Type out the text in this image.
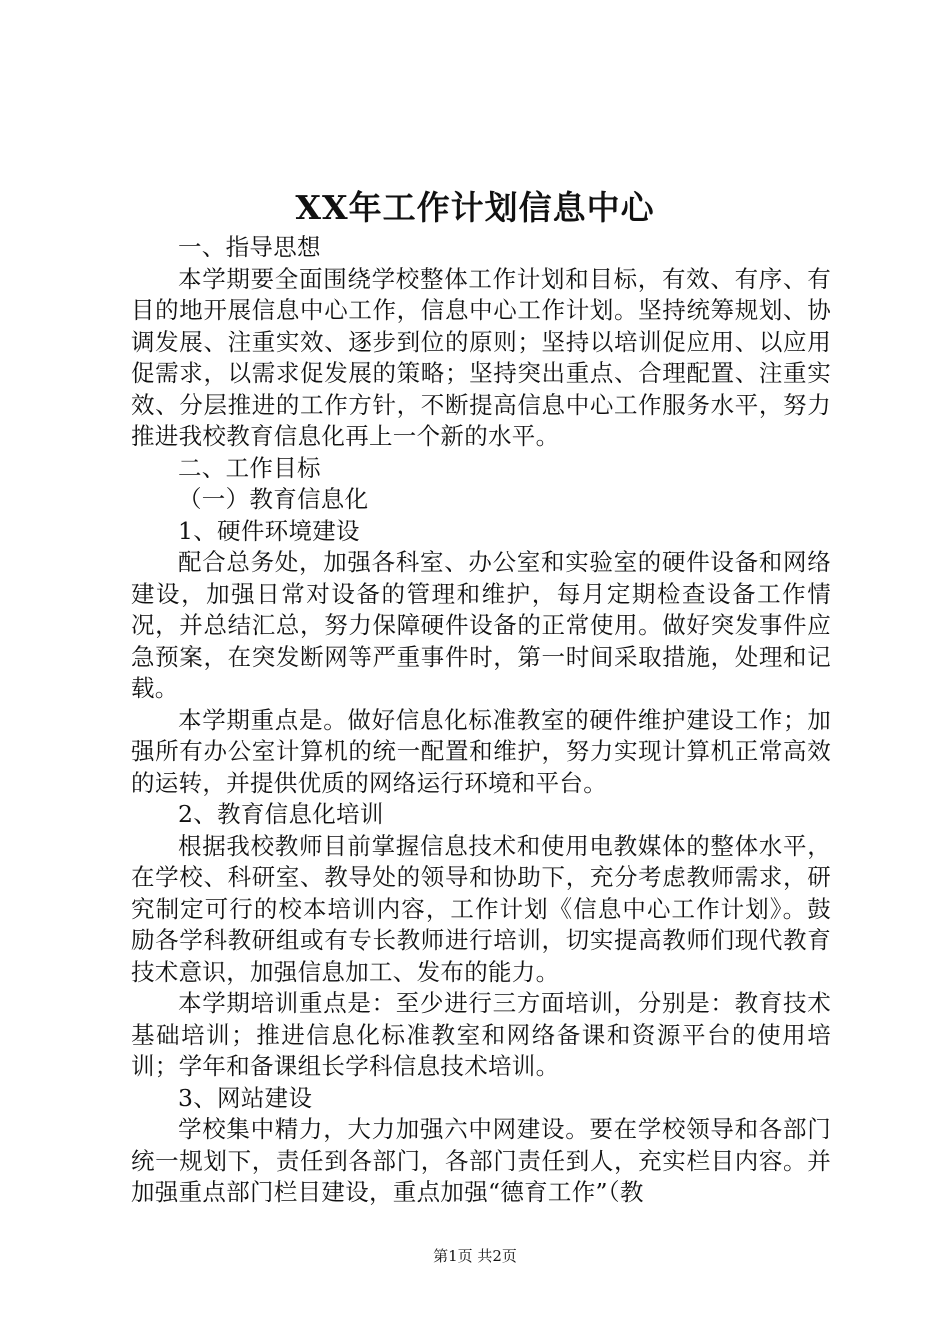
XX年工作计划信息中心

一、指导思想

本学期要全面围绕学校整体工作计划和目标，有效、有序、有目的地开展信息中心工作，信息中心工作计划。坚持统筹规划、协调发展、注重实效、逐步到位的原则；坚持以培训促应用、以应用促需求，以需求促发展的策略；坚持突出重点、合理配置、注重实效、分层推进的工作方针，不断提高信息中心工作服务水平，努力推进我校教育信息化再上一个新的水平。

二、工作目标

（一）教育信息化

1、硬件环境建设

配合总务处，加强各科室、办公室和实验室的硬件设备和网络建设，加强日常对设备的管理和维护，每月定期检查设备工作情况，并总结汇总，努力保障硬件设备的正常使用。做好突发事件应急预案，在突发断网等严重事件时，第一时间采取措施，处理和记载。

本学期重点是。做好信息化标准教室的硬件维护建设工作；加强所有办公室计算机的统一配置和维护，努力实现计算机正常高效的运转，并提供优质的网络运行环境和平台。

2、教育信息化培训

根据我校教师目前掌握信息技术和使用电教媒体的整体水平，在学校、科研室、教导处的领导和协助下，充分考虑教师需求，研究制定可行的校本培训内容，工作计划《信息中心工作计划》。鼓励各学科教研组或有专长教师进行培训，切实提高教师们现代教育技术意识，加强信息加工、发布的能力。

本学期培训重点是：至少进行三方面培训，分别是：教育技术基础培训；推进信息化标准教室和网络备课和资源平台的使用培训；学年和备课组长学科信息技术培训。

3、网站建设

学校集中精力，大力加强六中网建设。要在学校领导和各部门统一规划下，责任到各部门，各部门责任到人，充实栏目内容。并加强重点部门栏目建设，重点加强“德育工作”（教

第1页 共2页
